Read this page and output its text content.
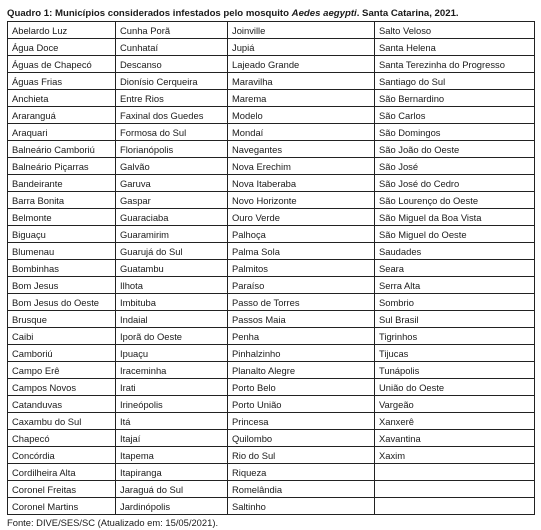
Quadro 1: Municípios considerados infestados pelo mosquito Aedes aegypti. Santa Catarina, 2021.
Abelardo Luz	Cunha Porã	Joinville	Salto Veloso
Água Doce	Cunhataí	Jupiá	Santa Helena
Águas de Chapecó	Descanso	Lajeado Grande	Santa Terezinha do Progresso
Águas Frias	Dionísio Cerqueira	Maravilha	Santiago do Sul
Anchieta	Entre Rios	Marema	São Bernardino
Araranguá	Faxinal dos Guedes	Modelo	São Carlos
Araquari	Formosa do Sul	Mondaí	São Domingos
Balneário Camboriú	Florianópolis	Navegantes	São João do Oeste
Balneário Piçarras	Galvão	Nova Erechim	São José
Bandeirante	Garuva	Nova Itaberaba	São José do Cedro
Barra Bonita	Gaspar	Novo Horizonte	São Lourenço do Oeste
Belmonte	Guaraciaba	Ouro Verde	São Miguel da Boa Vista
Biguaçu	Guaramirim	Palhoça	São Miguel do Oeste
Blumenau	Guarujá do Sul	Palma Sola	Saudades
Bombinhas	Guatambu	Palmitos	Seara
Bom Jesus	Ilhota	Paraíso	Serra Alta
Bom Jesus do Oeste	Imbituba	Passo de Torres	Sombrio
Brusque	Indaial	Passos Maia	Sul Brasil
Caibi	Iporã do Oeste	Penha	Tigrinhos
Camboriú	Ipuaçu	Pinhalzinho	Tijucas
Campo Erê	Iraceminha	Planalto Alegre	Tunápolis
Campos Novos	Irati	Porto Belo	União do Oeste
Catanduvas	Irineópolis	Porto União	Vargeão
Caxambu do Sul	Itá	Princesa	Xanxerê
Chapecó	Itajaí	Quilombo	Xavantina
Concórdia	Itapema	Rio do Sul	Xaxim
Cordilheira Alta	Itapiranga	Riqueza	
Coronel Freitas	Jaraguá do Sul	Romelândia	
Coronel Martins	Jardinópolis	Saltinho	
Fonte: DIVE/SES/SC (Atualizado em: 15/05/2021).
